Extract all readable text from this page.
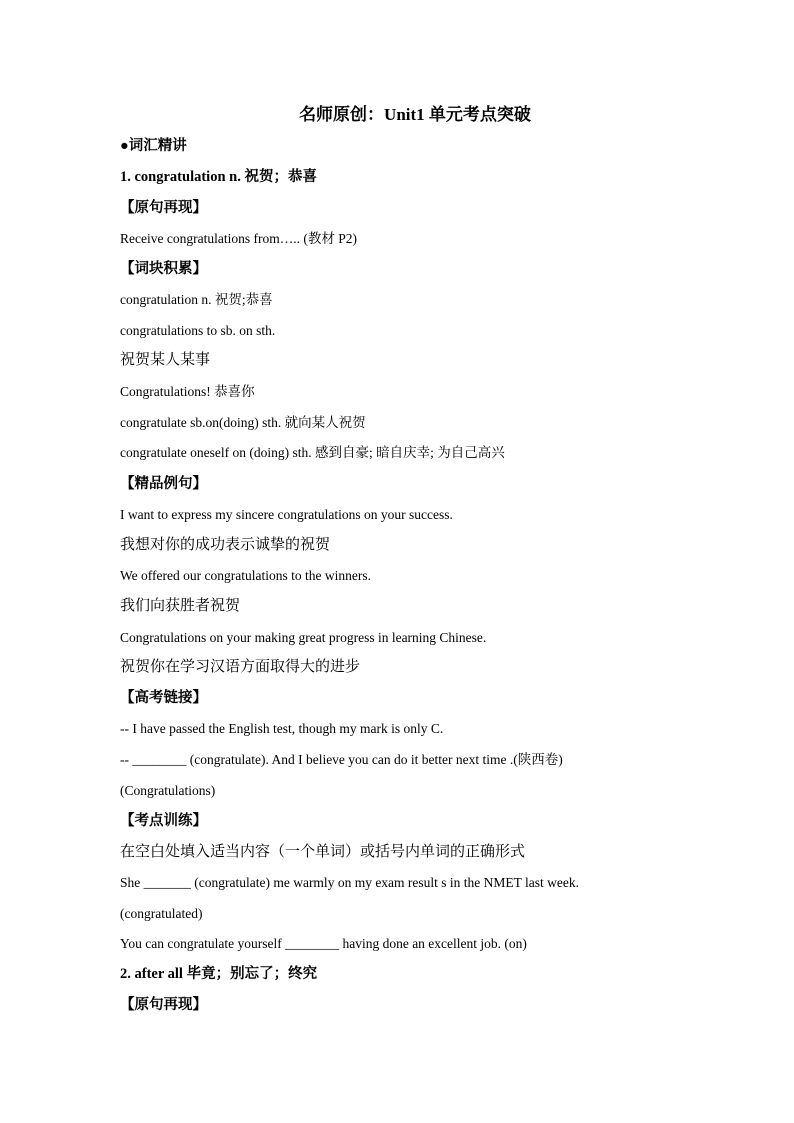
名师原创：Unit1 单元考点突破
●词汇精讲
1. congratulation n. 祝贺；恭喜
【原句再现】
Receive congratulations from….. (教材 P2)
【词块积累】
congratulation n. 祝贺;恭喜
congratulations to sb. on sth.
祝贺某人某事
Congratulations! 恭喜你
congratulate sb.on(doing) sth. 就向某人祝贺
congratulate oneself on (doing) sth. 感到自豪; 暗自庆幸; 为自己高兴
【精品例句】
I want to express my sincere congratulations on your success.
我想对你的成功表示诚挚的祝贺
We offered our congratulations to the winners.
我们向获胜者祝贺
Congratulations on your making great progress in learning Chinese.
祝贺你在学习汉语方面取得大的进步
【高考链接】
-- I have passed the English test, though my mark is only C.
-- ________ (congratulate). And I believe you can do it better next time .(陕西卷)
(Congratulations)
【考点训练】
在空白处填入适当内容（一个单词）或括号内单词的正确形式
She _______ (congratulate) me warmly on my exam result s in the NMET last week.
(congratulated)
You can congratulate yourself ________ having done an excellent job. (on)
2. after all 毕竟；别忘了；终究
【原句再现】
